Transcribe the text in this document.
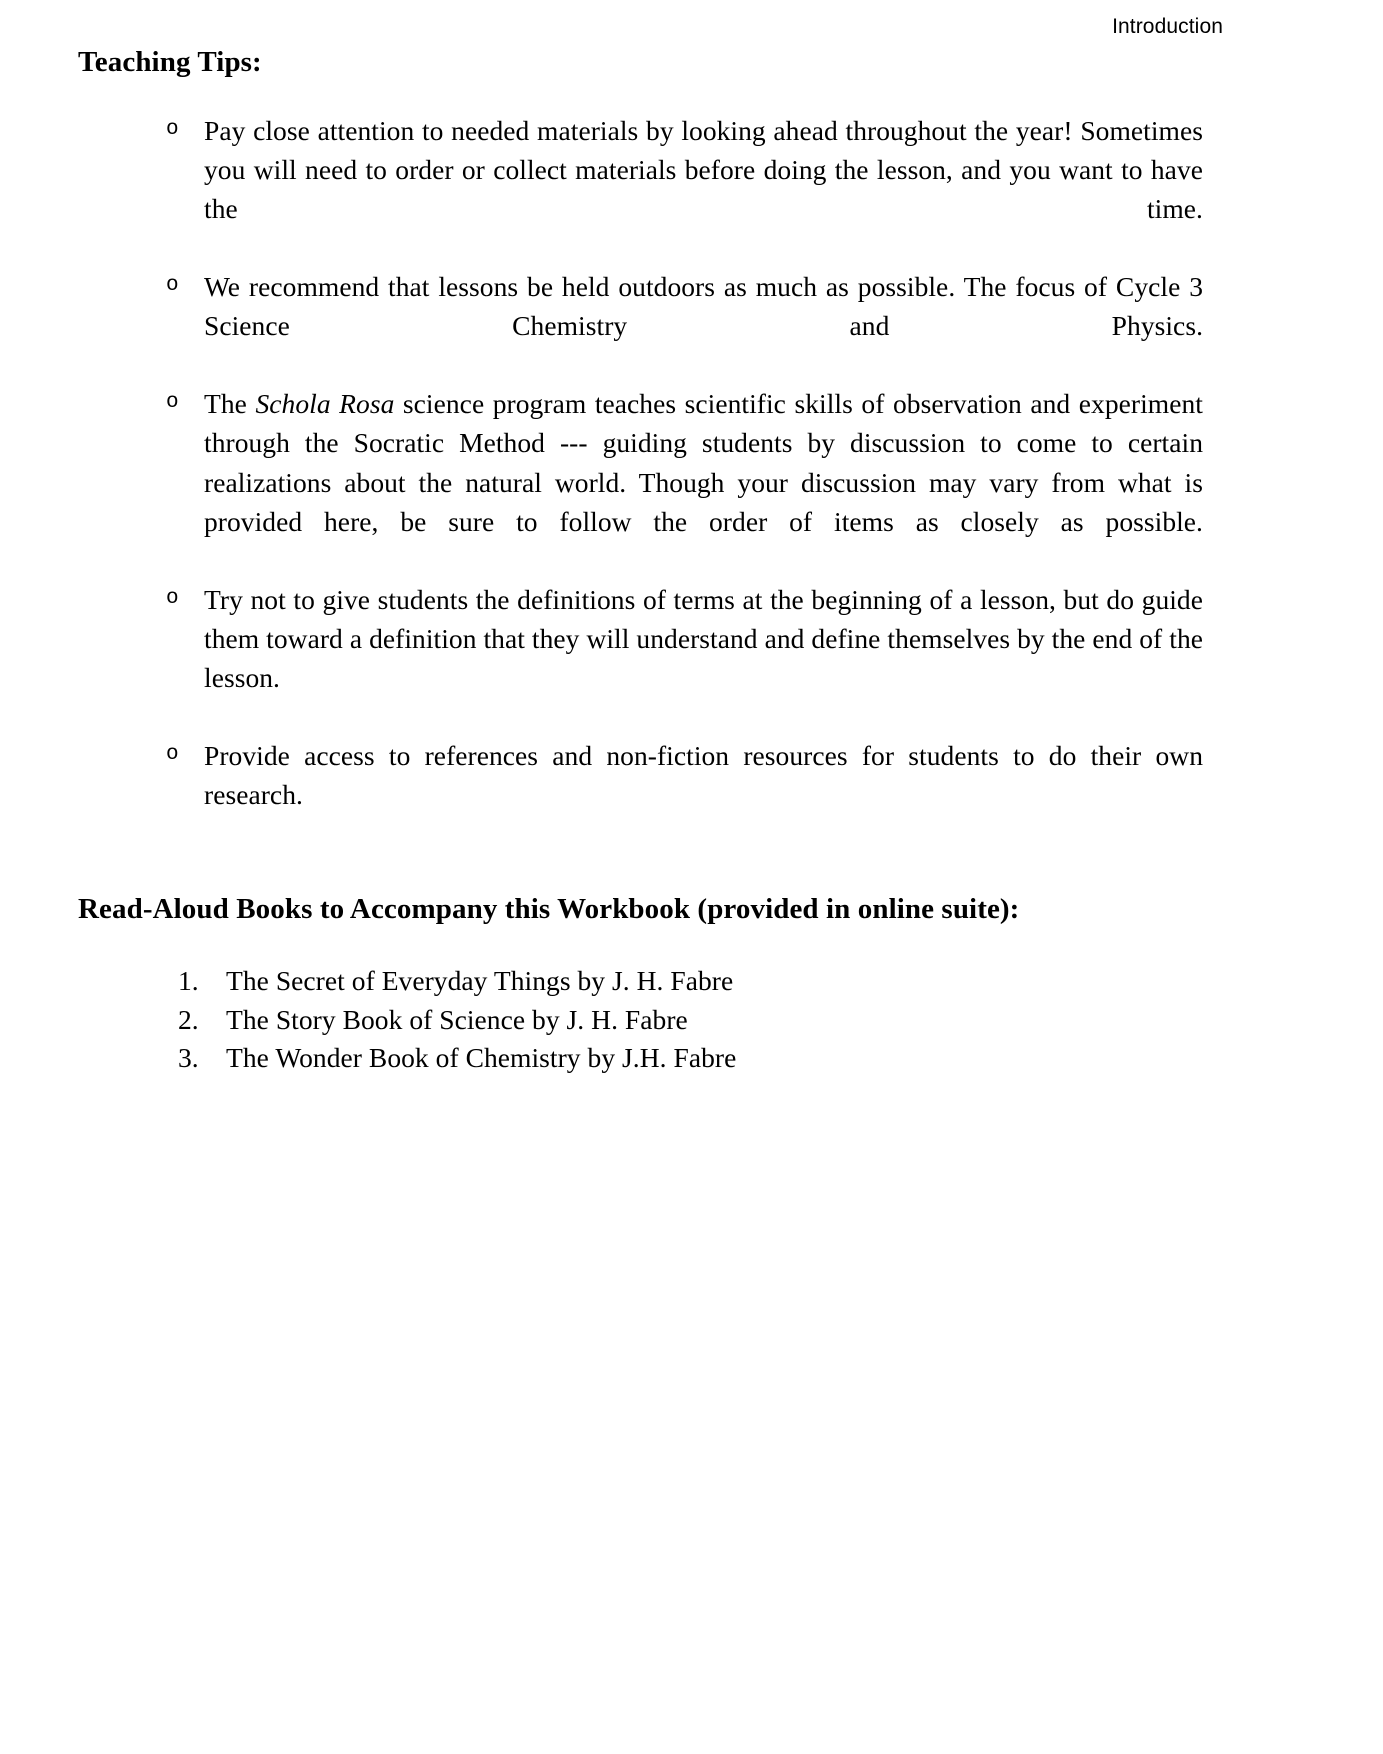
Introduction
Teaching Tips:
o Pay close attention to needed materials by looking ahead throughout the year! Sometimes you will need to order or collect materials before doing the lesson, and you want to have the time.
o We recommend that lessons be held outdoors as much as possible. The focus of Cycle 3 Science Chemistry and Physics.
o The Schola Rosa science program teaches scientific skills of observation and experiment through the Socratic Method --- guiding students by discussion to come to certain realizations about the natural world. Though your discussion may vary from what is provided here, be sure to follow the order of items as closely as possible.
o Try not to give students the definitions of terms at the beginning of a lesson, but do guide them toward a definition that they will understand and define themselves by the end of the lesson.
o Provide access to references and non-fiction resources for students to do their own research.
Read-Aloud Books to Accompany this Workbook (provided in online suite):
1. The Secret of Everyday Things by J. H. Fabre
2. The Story Book of Science by J. H. Fabre
3. The Wonder Book of Chemistry by J.H. Fabre
